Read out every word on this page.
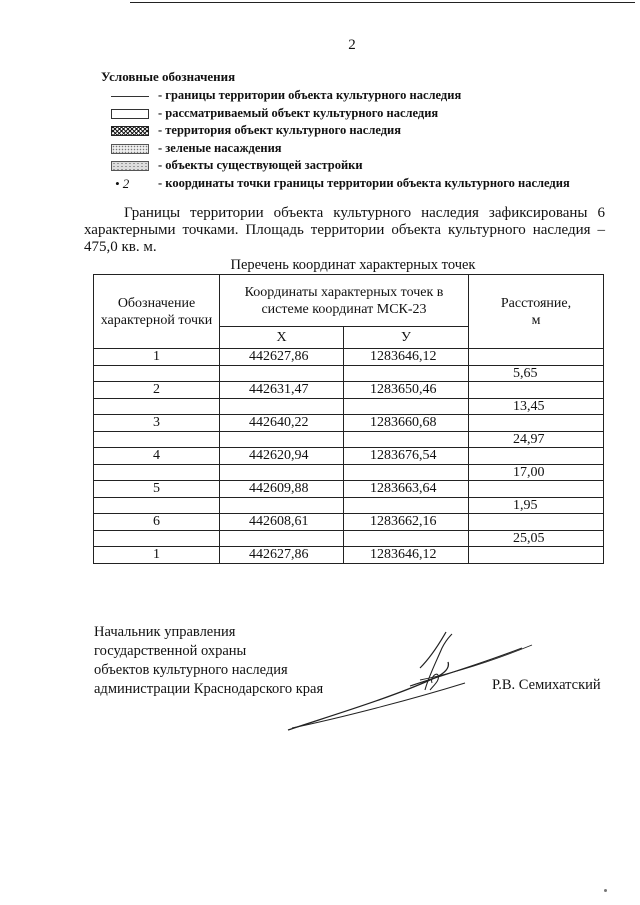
2
Условные обозначения
- границы территории объекта культурного наследия
- рассматриваемый объект культурного наследия
- территория объект культурного наследия
- зеленые насаждения
- объекты существующей застройки
• 2 - координаты точки границы территории объекта культурного наследия
Границы территории объекта культурного наследия зафиксированы 6 характерными точками. Площадь территории объекта культурного наследия – 475,0 кв. м.
Перечень координат характерных точек
Обозначение характерной точки	Координаты характерных точек в системе координат МСК-23		Расстояние,
м
	X	У	
1	442627,86	1283646,12	
			5,65
2	442631,47	1283650,46	
			13,45
3	442640,22	1283660,68	
			24,97
4	442620,94	1283676,54	
			17,00
5	442609,88	1283663,64	
			1,95
6	442608,61	1283662,16	
			25,05
1	442627,86	1283646,12	
Начальник управления
государственной охраны
объектов культурного наследия
администрации Краснодарского края	Р.В. Семихатский
